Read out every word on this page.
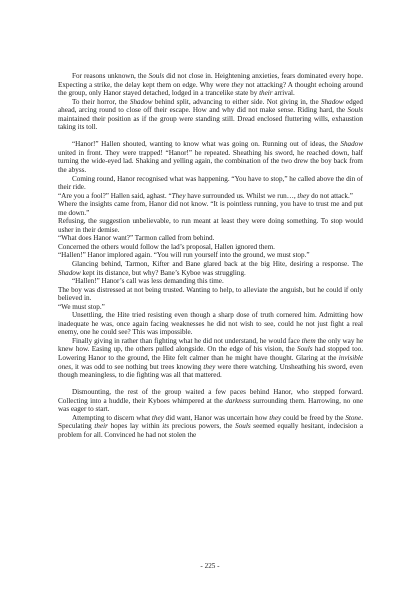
For reasons unknown, the Souls did not close in. Heightening anxieties, fears dominated every hope. Expecting a strike, the delay kept them on edge. Why were they not attacking? A thought echoing around the group, only Hanor stayed detached, lodged in a trancelike state by their arrival.

To their horror, the Shadow behind split, advancing to either side. Not giving in, the Shadow edged ahead, arcing round to close off their escape. How and why did not make sense. Riding hard, the Souls maintained their position as if the group were standing still. Dread enclosed fluttering wills, exhaustion taking its toll.

“Hanor!” Hallen shouted, wanting to know what was going on. Running out of ideas, the Shadow united in front. They were trapped! “Hanor!” he repeated. Sheathing his sword, he reached down, half turning the wide-eyed lad. Shaking and yelling again, the combination of the two drew the boy back from the abyss.

Coming round, Hanor recognised what was happening. “You have to stop,” he called above the din of their ride.

“Are you a fool?” Hallen said, aghast. “They have surrounded us. Whilst we run…, they do not attack.”

Where the insights came from, Hanor did not know. “It is pointless running, you have to trust me and put me down.”

Refusing, the suggestion unbelievable, to run meant at least they were doing something. To stop would usher in their demise.

“What does Hanor want?” Tarmon called from behind.

Concerned the others would follow the lad’s proposal, Hallen ignored them.

“Hallen!” Hanor implored again. “You will run yourself into the ground, we must stop.”

Glancing behind, Tarmon, Kifter and Bane glared back at the big Hite, desiring a response. The Shadow kept its distance, but why? Bane’s Kyboe was struggling.

“Hallen!” Hanor’s call was less demanding this time.

The boy was distressed at not being trusted. Wanting to help, to alleviate the anguish, but he could if only believed in.

“We must stop.”

Unsettling, the Hite tried resisting even though a sharp dose of truth cornered him. Admitting how inadequate he was, once again facing weaknesses he did not wish to see, could he not just fight a real enemy, one he could see? This was impossible.

Finally giving in rather than fighting what he did not understand, he would face them the only way he knew how. Easing up, the others pulled alongside. On the edge of his vision, the Souls had stopped too. Lowering Hanor to the ground, the Hite felt calmer than he might have thought. Glaring at the invisible ones, it was odd to see nothing but trees knowing they were there watching. Unsheathing his sword, even though meaningless, to die fighting was all that mattered.

Dismounting, the rest of the group waited a few paces behind Hanor, who stepped forward. Collecting into a huddle, their Kyboes whimpered at the darkness surrounding them. Harrowing, no one was eager to start.

Attempting to discern what they did want, Hanor was uncertain how they could be freed by the Stone. Speculating their hopes lay within its precious powers, the Souls seemed equally hesitant, indecision a problem for all. Convinced he had not stolen the

- 225 -
